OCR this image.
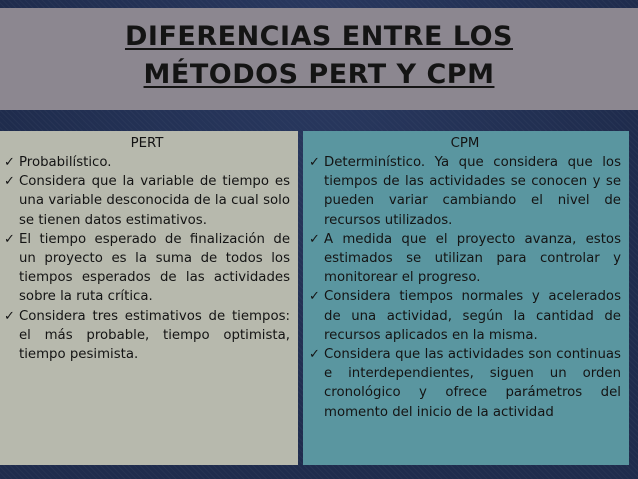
DIFERENCIAS ENTRE LOS
MÉTODOS PERT Y CPM
PERT
✓ Probabilístico.
✓ Considera que la variable de tiempo es una variable desconocida de la cual solo se tienen datos estimativos.
✓ El tiempo esperado de finalización de un proyecto es la suma de todos los tiempos esperados de las actividades sobre la ruta crítica.
✓ Considera tres estimativos de tiempos: el más probable, tiempo optimista, tiempo pesimista.
CPM
✓ Determinístico. Ya que considera que los tiempos de las actividades se conocen y se pueden variar cambiando el nivel de recursos utilizados.
✓ A medida que el proyecto avanza, estos estimados se utilizan para controlar y monitorear el progreso.
✓ Considera tiempos normales y acelerados de una actividad, según la cantidad de recursos aplicados en la misma.
✓ Considera que las actividades son continuas e interdependientes, siguen un orden cronológico y ofrece parámetros del momento del inicio de la actividad
